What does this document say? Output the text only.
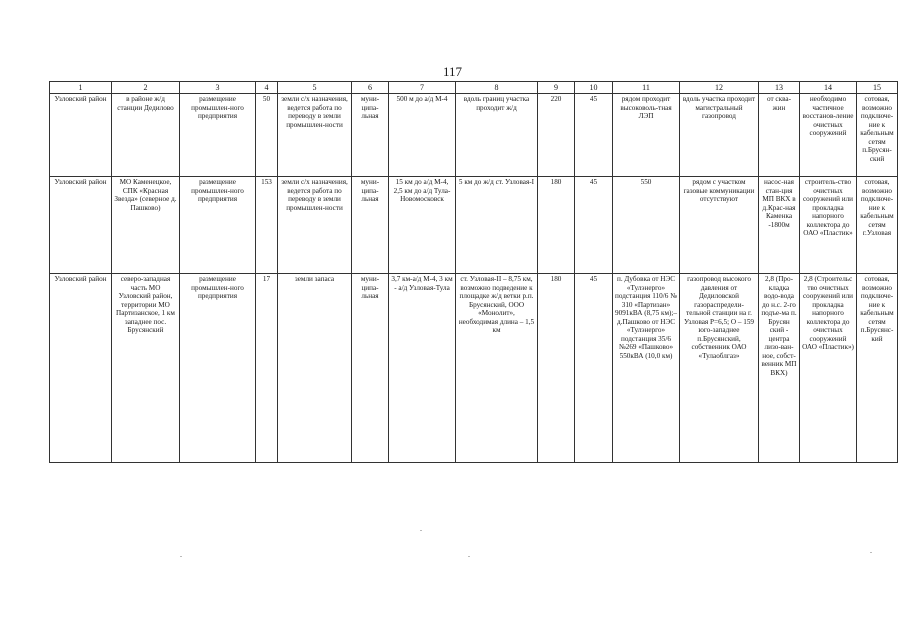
117
1	2	3	4	5	6	7	8	9	10	11	12	13	14	15
Узловский район	в районе ж/д станции Дедилово	размещение промышлен-ного предприятия	50	земли с/х назначения, ведется работа по переводу в земли промышлен-ности	муни-ципа-льная	500 м до а/д М-4	вдоль границ участка проходит ж/д	220	45	рядом проходит высоковоль-тная ЛЭП	вдоль участка проходит магистральный газопровод	от сква-жин	необходимо частичное восстанов-ление очистных сооружений	сотовая, возможно подключе-ние к кабельным сетям п.Брусян-ский
Узловский район	МО Каменецкое, СПК «Красная Звезда» (северное д. Пашково)	размещение промышлен-ного предприятия	153	земли с/х назначения, ведется работа по переводу в земли промышлен-ности	муни-ципа-льная	15 км до а/д М-4, 2,5 км до а/д Тула-Новомосковск	5 км до ж/д ст. Узловая-I	180	45	550	рядом с участком газовые коммуникации отсутствуют	насос-ная стан-ция МП ВКХ в д.Крас-ная Каменка -1800м	строитель-ство очистных сооружений или прокладка напорного коллектора до ОАО «Пластик»	сотовая, возможно подключе-ние к кабельным сетям г.Узловая
Узловский район	северо-западная часть МО Узловский район, территории МО Партизанское, 1 км западнее пос. Брусянский	размещение промышлен-ного предприятия	17	земли запаса	муни-ципа-льная	3,7 км-а/д М-4, 3 км - а/д Узловая-Тула	ст. Узловая-II – 8,75 км, возможно подведение к площадке ж/д ветки р.п. Брусянский, ООО «Монолит», необходимая длина – 1,5 км	180	45	п. Дубовка от НЭС «Тулэнерго» подстанция 110/6 № 310 «Партизан» 9091кВА (8,75 км);– д.Пашково от НЭС «Тулэнерго» подстанция 35/6 №269 «Пашково» 550кВА (10,0 км)	газопровод высокого давления от Дедиловской газораспредели-тельной станции на г. Узловая Р=6,5; О – 159 юго-западнее п.Брусянский, собственник ОАО «Тулаоблгаз»	2,8 (Про-кладка водо-вода до н.с. 2-го подъе-ма п. Брусян ский - центра лизо-ван-ное, собст-венник МП ВКХ)	2,8 (Строительс тво очистных сооружений или прокладка напорного коллектора до очистных сооружений ОАО «Пластик»)	сотовая, возможно подключе-ние к кабельным сетям п.Брусянс-кий
